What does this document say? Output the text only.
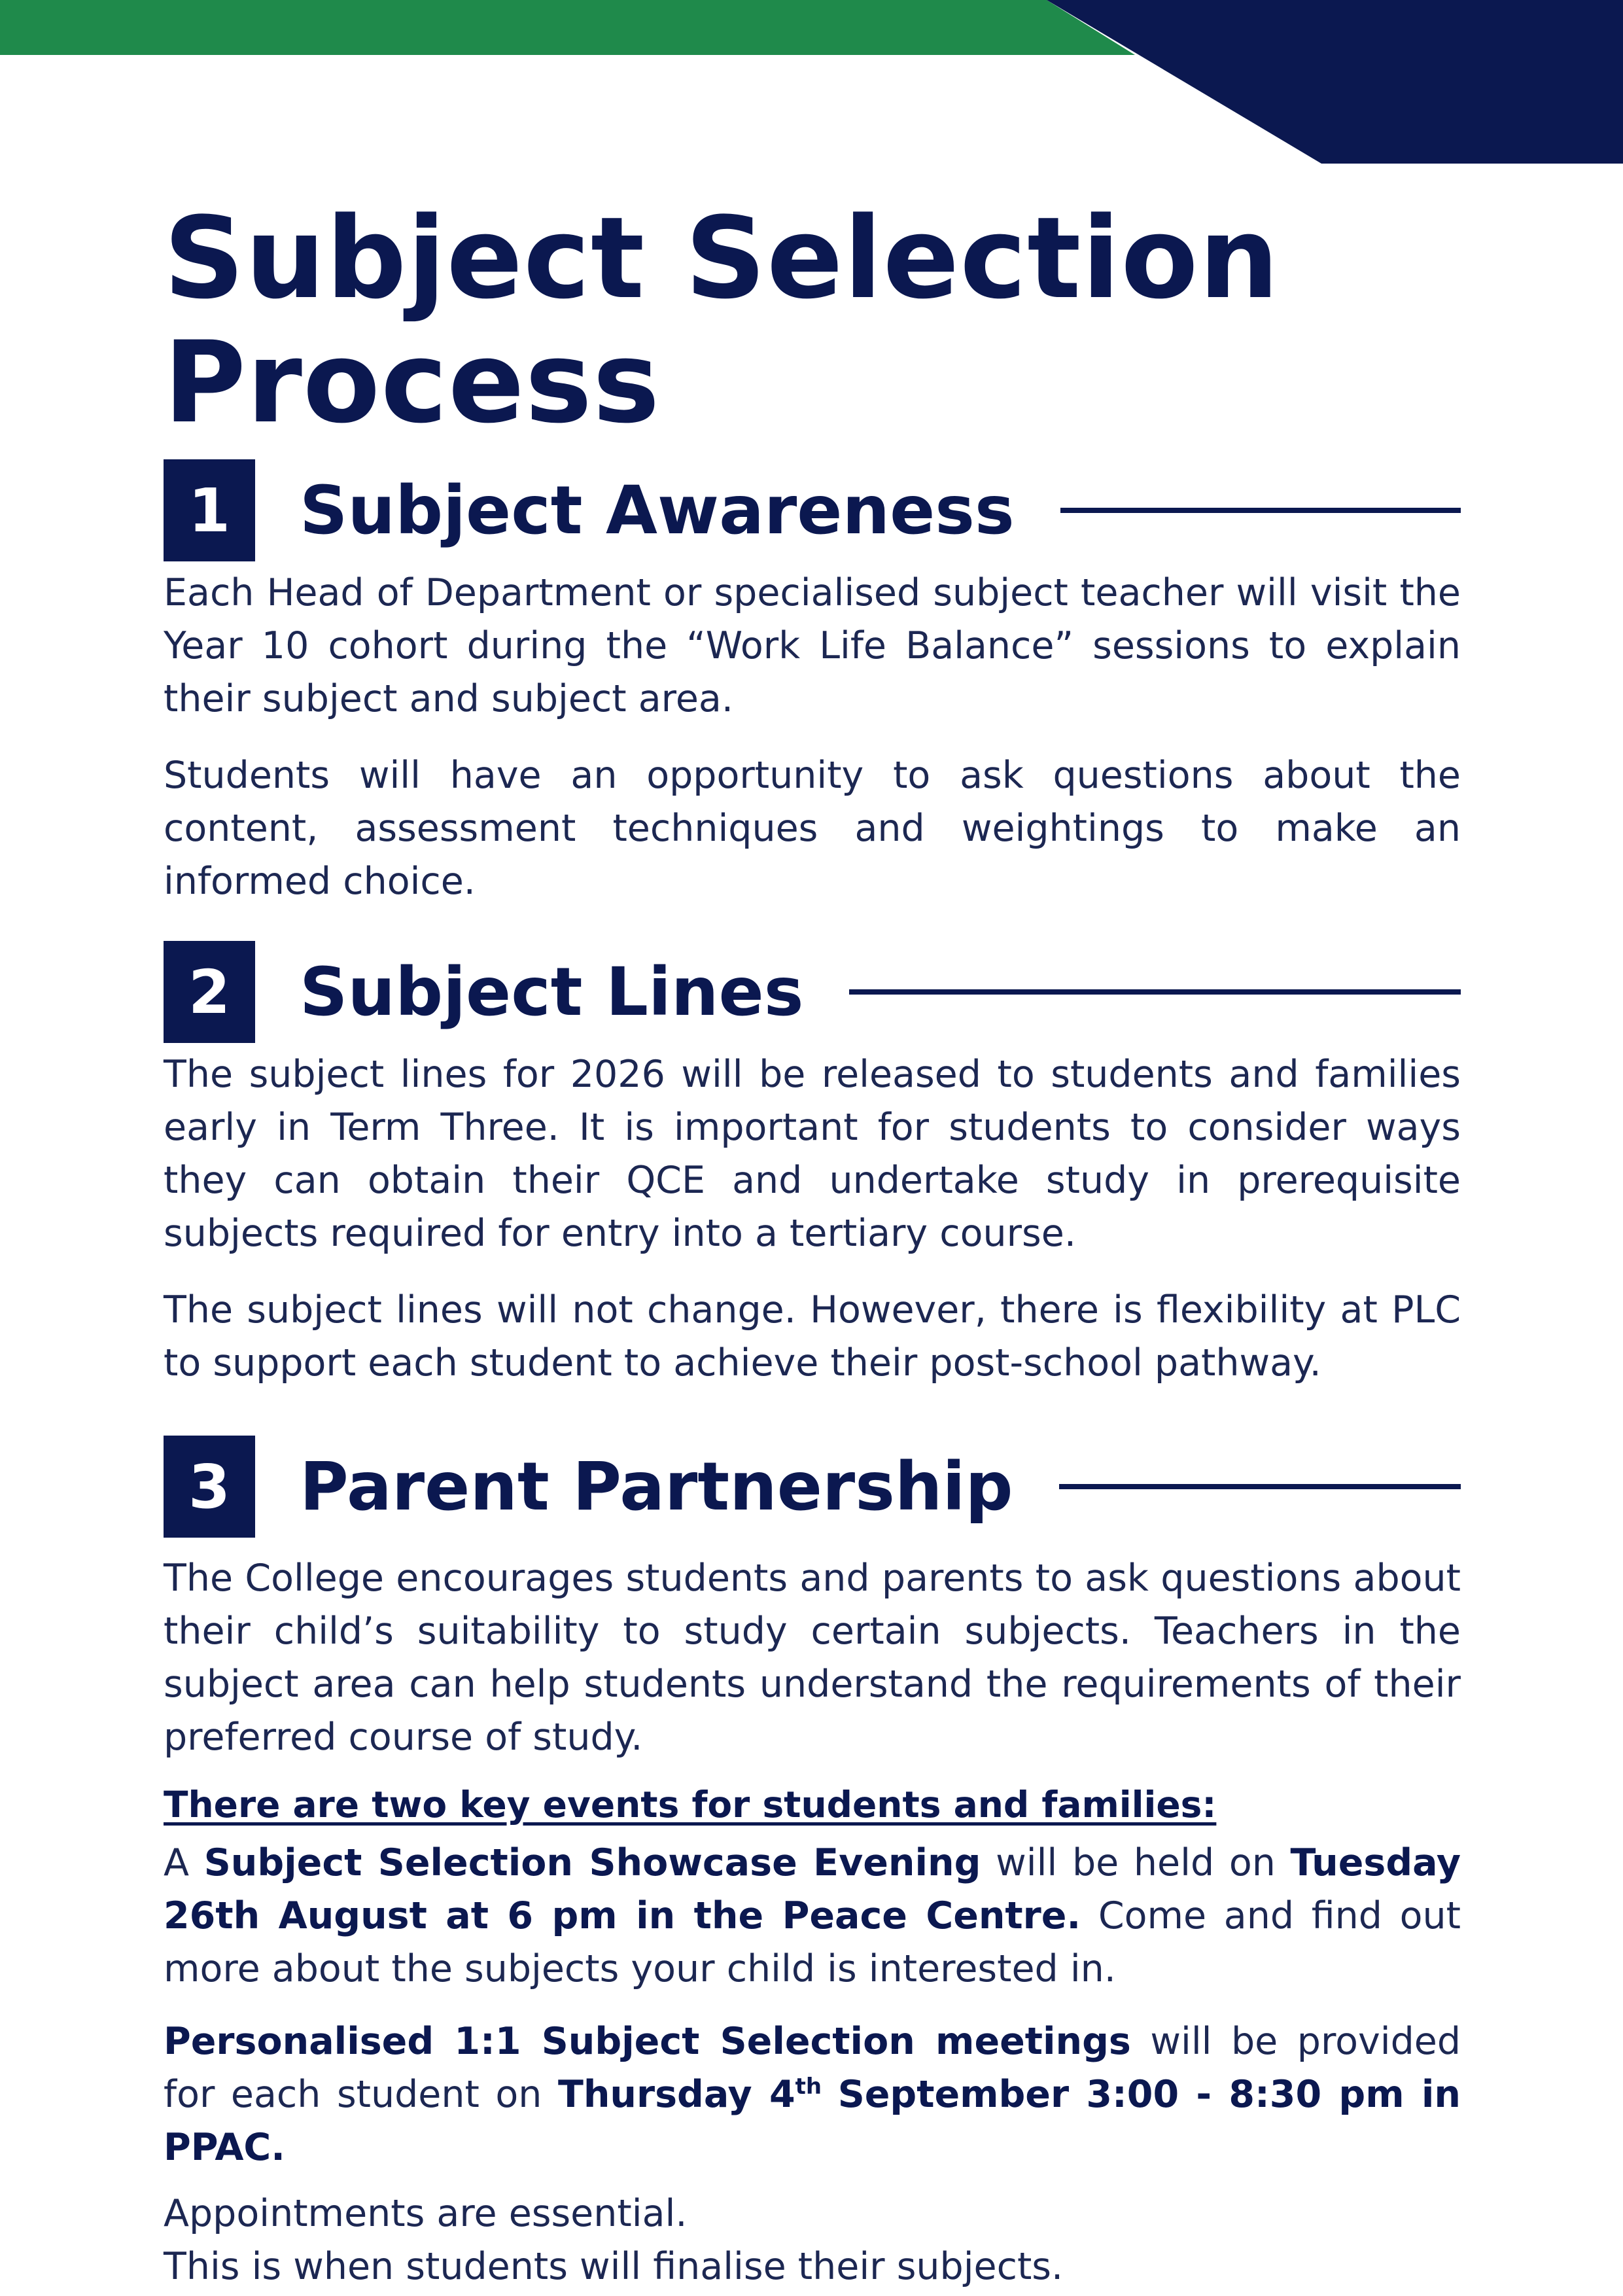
Subject Selection
Process
1	Subject Awareness

Each Head of Department or specialised subject teacher will visit the Year 10 cohort during the “Work Life Balance” sessions to explain their subject and subject area.

Students will have an opportunity to ask questions about the content, assessment techniques and weightings to make an informed choice.

2	Subject Lines

The subject lines for 2026 will be released to students and families early in Term Three. It is important for students to consider ways they can obtain their QCE and undertake study in prerequisite subjects required for entry into a tertiary course.

The subject lines will not change. However, there is flexibility at PLC to support each student to achieve their post-school pathway.

3	Parent Partnership

The College encourages students and parents to ask questions about their child’s suitability to study certain subjects. Teachers in the subject area can help students understand the requirements of their preferred course of study.

There are two key events for students and families:

A Subject Selection Showcase Evening will be held on Tuesday 26th August at 6 pm in the Peace Centre. Come and find out more about the subjects your child is interested in.

Personalised 1:1 Subject Selection meetings will be provided for each student on Thursday 4th September 3:00 - 8:30 pm in PPAC.

Appointments are essential.
This is when students will finalise their subjects.
